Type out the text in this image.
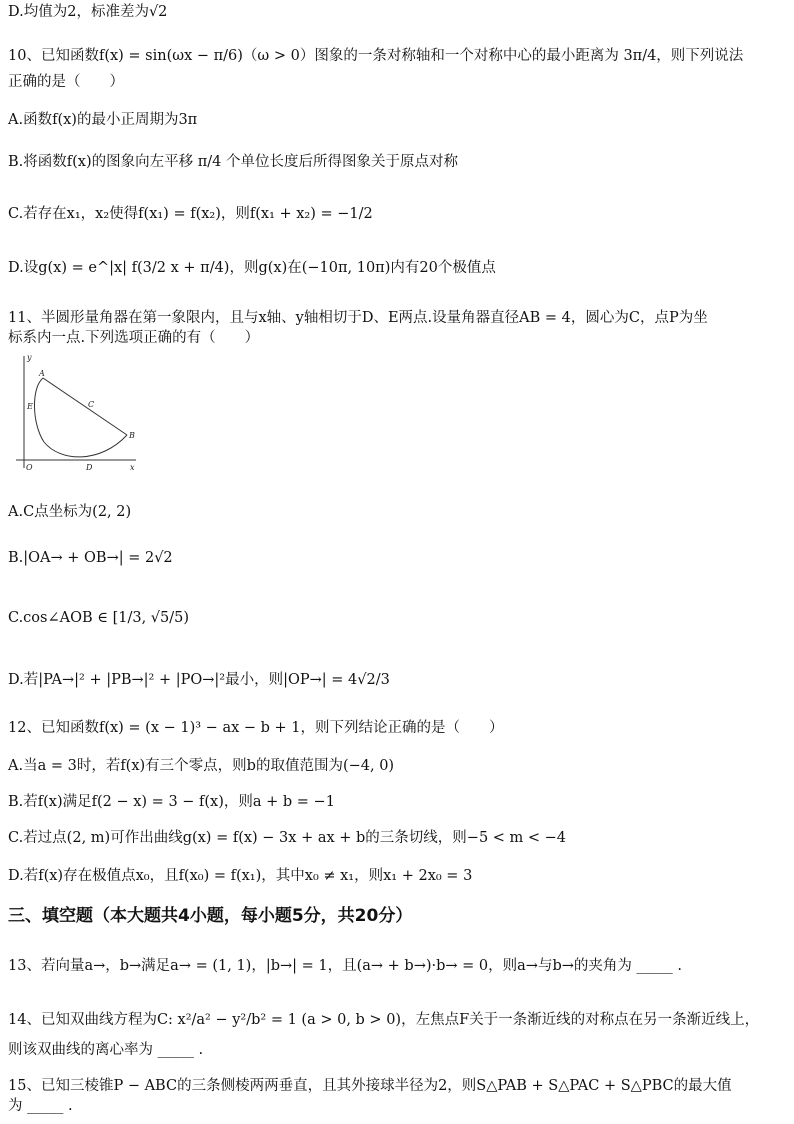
D.均值为2，标准差为√2
10、已知函数f(x) = sin(ωx − π/6)（ω > 0）图象的一条对称轴和一个对称中心的最小距离为 3π/4，则下列说法
正确的是（　　）
A.函数f(x)的最小正周期为3π
B.将函数f(x)的图象向左平移 π/4 个单位长度后所得图象关于原点对称
C.若存在x₁，x₂使得f(x₁) = f(x₂)，则f(x₁ + x₂) = −1/2
D.设g(x) = e^|x| f(3/2 x + π/4)，则g(x)在(−10π, 10π)内有20个极值点
11、半圆形量角器在第一象限内，且与x轴、y轴相切于D、E两点.设量角器直径AB = 4，圆心为C，点P为坐
标系内一点.下列选项正确的有（　　）
A
C
B
E
O	D	x
y
A.C点坐标为(2, 2)
B.|OA→ + OB→| = 2√2
C.cos∠AOB ∈ [1/3, √5/5)
D.若|PA→|² + |PB→|² + |PO→|²最小，则|OP→| = 4√2/3
12、已知函数f(x) = (x − 1)³ − ax − b + 1，则下列结论正确的是（　　）
A.当a = 3时，若f(x)有三个零点，则b的取值范围为(−4, 0)
B.若f(x)满足f(2 − x) = 3 − f(x)，则a + b = −1
C.若过点(2, m)可作出曲线g(x) = f(x) − 3x + ax + b的三条切线，则−5 < m < −4
D.若f(x)存在极值点x₀，且f(x₀) = f(x₁)，其中x₀ ≠ x₁，则x₁ + 2x₀ = 3
三、填空题（本大题共4小题，每小题5分，共20分）
13、若向量a→，b→满足a→ = (1, 1)，|b→| = 1，且(a→ + b→)·b→ = 0，则a→与b→的夹角为 _____ .
14、已知双曲线方程为C: x²/a² − y²/b² = 1 (a > 0, b > 0)，左焦点F关于一条渐近线的对称点在另一条渐近线上，
则该双曲线的离心率为 _____ .
15、已知三棱锥P − ABC的三条侧棱两两垂直，且其外接球半径为2，则S△PAB + S△PAC + S△PBC的最大值
为 _____ .
